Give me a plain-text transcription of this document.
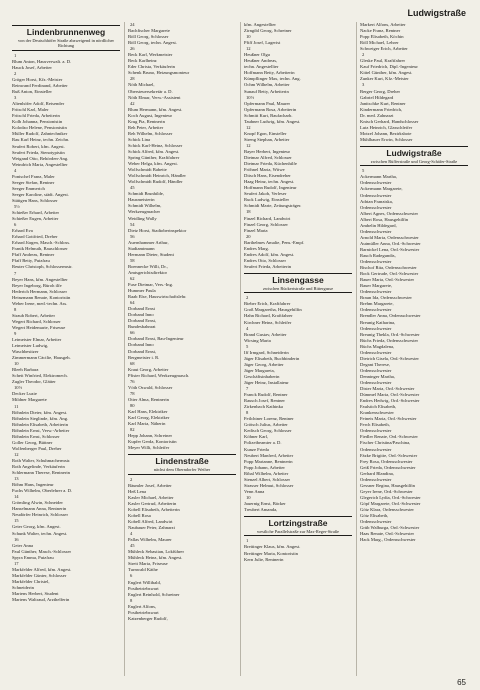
Ludwigstraße
Lindenbrunnenweg
von der Deutschhöfer Straße abzweigend in nördlicher Richtung
1
Blum Anton, Hausverwalt. a. D.
Hauck Josef, Arbeiter
2
Gröger Horst, Kfz.-Meister
Reinwand Ferdinand, Arbeiter
Ruß Anton, Einsteller
3
Altenhöfer Adolf, Reisender
Fritschl Karl, Maler
Fritschl Frieda, Arbeiterin
Kolb Johanna, Pensionistin
Kolodzo Helene, Pensionistin
Müller Rudolf, Zahntechniker
Rau Karl Heinz, techn. Zeichn.
Seufert Robert, kfm. Angest.
Seufert Frieda, Stenotypistin
Weigand Otto, Behörden-Ang.
Weindrich Maria, Angestellter
4
Ponischel Franz, Maler
Seeger Stefan, Rentner
Seeger Emmerich
Seeger Karoline, städt. Angest.
Stättgen Hans, Schlosser
5½
Schießer Erhard, Arbeiter
Schießer Eugen, Arbeiter
6
Erhard Eva
Erhard Gottfried, Dreher
Erhard Jürgen, Masch.-Schloss.
Franik Helmuth, Bauschlosser
Pfaff Andreas, Rentner
Pfaff Betty, Putzfrau
Reuter Christoph, Schlossermstr.
7
Beyer Hans, kfm. Angestellter
Beyer Ingeborg, Büroh ilfe
Hederich Hermann, Schlosser
Heinzmann Renate, Kontoristin
Weber Irene, med.-techn. Ass.
8
Straub Robert, Arbeiter
Wegert Richard, Schlosser
Wegert Heidemarie, Friseuse
9
Leimeister Elmar, Arbeiter
Leimeister Ludwig,
Waschbesitzer
Zimmermann Cäcilie, Hausgeh.
10
Bleeh Barbara
Scheit Winfried, Elektromech.
Zugler Theodor, Glätter
10½
Decker Luzie
Mildner Margarete
11
Böhnlein Dieter, kfm. Angest.
Böhnlein Sieglinde, kfm. Ang.
Böhnlein Elisabeth, Arbeiterin
Böhnlein Ernst, Verw.-Arbeiter
Böhnlein Ernst, Schlosser
Goller Georg, Büttner
Wolfenberger Paul, Dreher
12
Roth Walter, Schuhmachermstr.
Roth Angelinde, Verkäuferin
Schlermann Therese, Rentnerin
13
Böhm Hans, Ingenieur
Fuchs Wilhelm, Oberlehrer a. D.
14
Grömling Alwin, Schneider
Hanselmann Anna, Rentnerin
Neudörfer Heinrich, Schlosser
15
Geier Georg, kfm. Angest.
Schunk Walter, techn. Angest.
16
Geier Anna
Paul Günther, Masch.-Schlosser
Spyra Emma, Putzfrau
17
Markfelder Alfred, kfm. Angest.
Markfelder Günter, Schlosser
Markfelder Christel,
Schneiderin
Martens Herbert, Student
Martens Waltraud, Arzthelferin
24
Bachfischer Margarete
Böll Georg, Schlosser
Böll Georg, techn. Angest.
26
Beck Karl, Werkmeister
Beck Karlheinz
Eder Christa, Verkäuferin
Schenk Bruno, Heizungsmonteur
28
Nöth Michael,
Obersteuersekretär a. D.
Nöth Elmar, Verw.-Assistent
42
Blum Hermann, kfm. Angest.
Koch August, Ingenieur
Krug Pia, Rentnerin
Reh Peter, Arbeiter
Reh Wilhelm, Schlosser
Schick Lina
Schick Karl-Heinz, Schlosser
Schick Alfred, kfm. Angest.
Spring Günther, Kraftfahrer
Weber Helga, kfm. Angest.
Wolfschmidt Babette
Wolfschmidt Heinrich, Händler
Wolfschmidt Rudolf, Händler
45
Schmidt Brunhilde,
Hausmeisterin
Schmidt Wilhelm,
Werkzeugmacher
Weidling Wally
54
Dietz Horst, Stadtoberinspektor
56
Auernhammer Arthur,
Stadtamtmann
Hermann Dieter, Student
58
Boennecke Willi, Dr.,
Amtsgerichtsdirektor
62
Fuse Dietmar, Vers.-Ing.
Hummer Paula
Raab Else, Hauswirtschaftslehr.
64
Dorband Ernst
Dorband Inno
Dorband Ernst,
Bundesbahnrat
66
Dorband Ernst, Bau-Ingenieur
Dorband Inno
Dorband Ernst,
Bergmeister i. R.
68
Kraut Georg, Arbeiter
Pfister Richard, Werkzeugmasch.
76
Vöth Oswald, Schlosser
78
Otter Alma, Rentnerin
80
Karl Hans, Elektriker
Karl Georg, Elektriker
Karl Maria, Näherin
82
Hepp Johann, Schreiner
Kupfer Gerda, Kontoristin
Meyer Willi, Schleifer
Lindenstraße
nächst dem Oberndorfer Weiher
2
Bäumler Josef, Arbeiter
Heß Lena
Kasler Michael, Arbeiter
Kasler Gertrud, Arbeiterin
Kobell Elisabeth, Arbeiterin
Kobell Rosa
Kobell Alfred, Landwirt
Naubauer Peter, Zahnarzt
4
Pallas Wilhelm, Maurer
45
Mühleck Sebastian, Lokführer
Mühleck Heinz, kfm. Angest.
Streit Maria, Friseuse
Turnwald Käthe
6
Englert Willibald,
Postbetriebswart
Englert Reinhold, Schreiner
8
Englert Alfons,
Postbetriebswart
Katzenberger Rudolf,
kfm. Angestellter
Zirngibl Georg, Schreiner
10
Pfiff Josef, Lagerist
12
Heußner Olga
Heußner Andreas,
techn. Angestellter
Hoffmann Betty, Arbeiterin
Kümpflinger Max, techn. Ang.
Ochm Wilhelm, Arbeiter
Sunauf Betty, Arbeiterin
10½
Opfermann Paul, Maurer
Opfermann Rosa, Arbeiterin
Schmitt Kurt, Baufacharb.
Taubner Ludwig, kfm. Angest.
12
Knopf Egon, Einsteller
Streng Stephan, Arbeiter
12
Bayer Herbert, Ingenieur
Dietmar Alfred, Schlosser
Dietmar Frieda, Küchenhilfe
Fröhnel Maria, Witwe
Ditsch Hans, Eisendreher
Haag Heinz, techn. Angest.
Hoffmann Rudolf, Ingenieur
Seufert Jakob, Verleser
Ruck Ludwig, Einsteller
Schmidt Marie, Zeitungsträger.
18
Finzel Richard, Landwirt
Finzel Georg, Schlosser
Finzel Maria
20
Barthelmes Amalie, Pens.-Empf.
Endres Marg.
Endres Adolf, kfm. Angest.
Endres Otto, Schlosser
Seufert Frieda, Arbeiterin
Linsengasse
zwischen Rückertstraße und Rittergasse
2
Bieber Erich, Kraftfahrer
Groß Margaretha, Hausgehilfin
Hahn Richard, Kraftfahrer
Kirchner Heinz, Schleifer
4
Brand Gustav, Arbeiter
Wirsing Maria
5
Iff Irmgard, Schneiderin
Jäger Elisabeth, Buchbinderin
Jäger Georg, Arbeiter
Jäger Margareta,
Geschäftsinhaberin
Jäger Heinz, Installateur
7
Franck Rudolf, Rentner
Rausch Josef, Rentner
Zirkenbach Kathinka
8
Feilchtner Lorenz, Rentner
Grötsch Julius, Arbeiter
Kedisch Georg, Schlosser
Köhner Karl,
Polizeibeamter a. D.
Kunze Frieda
Neubert Manfred, Arbeiter
Popp Marianne, Rentnerin
Popp Johann, Arbeiter
Ribal Wilhelm, Arbeiter
Stenzel Albert, Schlosser
Strasser Helmut, Schlosser
Venn Anna
10
Jauernig Ernst, Bäcker
Treubert Amanda,
Lortzingstraße
westliche Parallelstraße zur Max-Reger-Straße
1
Breitinger Klaus, kfm. Angest.
Breitinger Maria, Kontoristin
Kern Julie, Rentnerin
Markert Alfons, Arbeiter
Nacke Franz, Rentner
Popp Elisabeth, Köchin
Röll Michael, Lehrer
Schweiger Erich, Arbeiter
2
Gleske Paul, Kraftfahrer
Kauf Friedrich, Dipl.-Ingenieur
Kittel Günther, kfm. Angest.
Zunker Kurt, Kfz.-Meister
3
Berger Georg, Dreher
Gabriel Hildegard
Janitschke Kurt, Rentner
Kindermann Friedrich,
Dr. med. Zahnarzt
Knisch Gerhard, Handschlosser
Lutz Heinrich, Glasschleifer
Motzel Johann, Bezirksbote
Mühlbauer Erwin, Schlosser
Ludwigstraße
zwischen Rüfferstraße und Georg-Schäfer-Straße
5
Ackermann Martha,
Ordensschwester
Ackermann Margarete,
Ordensschwester
Adrian Franziska,
Ordensschwester
Albert Agnes, Ordensschwester
Albert Rosa, Hausgehilfin
Ambelin Hildegard,
Ordensschwester
Arnold Maria, Ordensschwester
Autmüller Anna, Ord.-Schwester
Barnickel Lena, Ord.-Schwester
Rauch Radegundis,
Ordensschwester
Bischof Rita, Ordensschwester
Bock Gertrude, Ord.-Schwester
Bauer Maria, Ord.-Schwester
Bauer Margarete,
Ordensschwester
Braun Ida, Ordensschwester
Brehm Margarete,
Ordensschwester
Brendler Anna, Ordensschwester
Breunig Katharina,
Ordensschwester
Breunig Thekla, Ord.-Schwester
Büchs Frieda, Ordensschwester
Büchs Magdalena,
Ordensschwester
Dietrich Gisela, Ord.-Schwester
Degant Therese,
Ordensschwester
Denninger Martha,
Ordensschwester
Dister Maria, Ord.-Schwester
Dümmel Maria, Ord.-Schwester
Endres Hedwig, Ord.-Schwester
Faulstich Elisabeth,
Krankenschwester
Feineis Maria, Ord.-Schwester
Ferch Elisabeth,
Ordensschwester
Fiedler Renate, Ord.-Schwester
Fischer Christina/Paschina,
Ordensschwester
Fäzke Brigitte, Ord.-Schwester
Frey Rosa, Ordensschwester
Geiß Frieda, Ordensschwester
Gerhard Blandina,
Ordensschwester
Gessner Regina, Hausgehilfin
Geyer Irene, Ord.-Schwester
Glegerich Lydia, Ord.-Schwester
Göpf Margarete, Ord.-Schwester
Götz Klara, Ordensschwester
Götz Elisabeth,
Ordensschwester
Grüb Walburga, Ord.-Schwester
Haas Renate, Ord.-Schwester
Hack Marg., Ordensschwester
65
